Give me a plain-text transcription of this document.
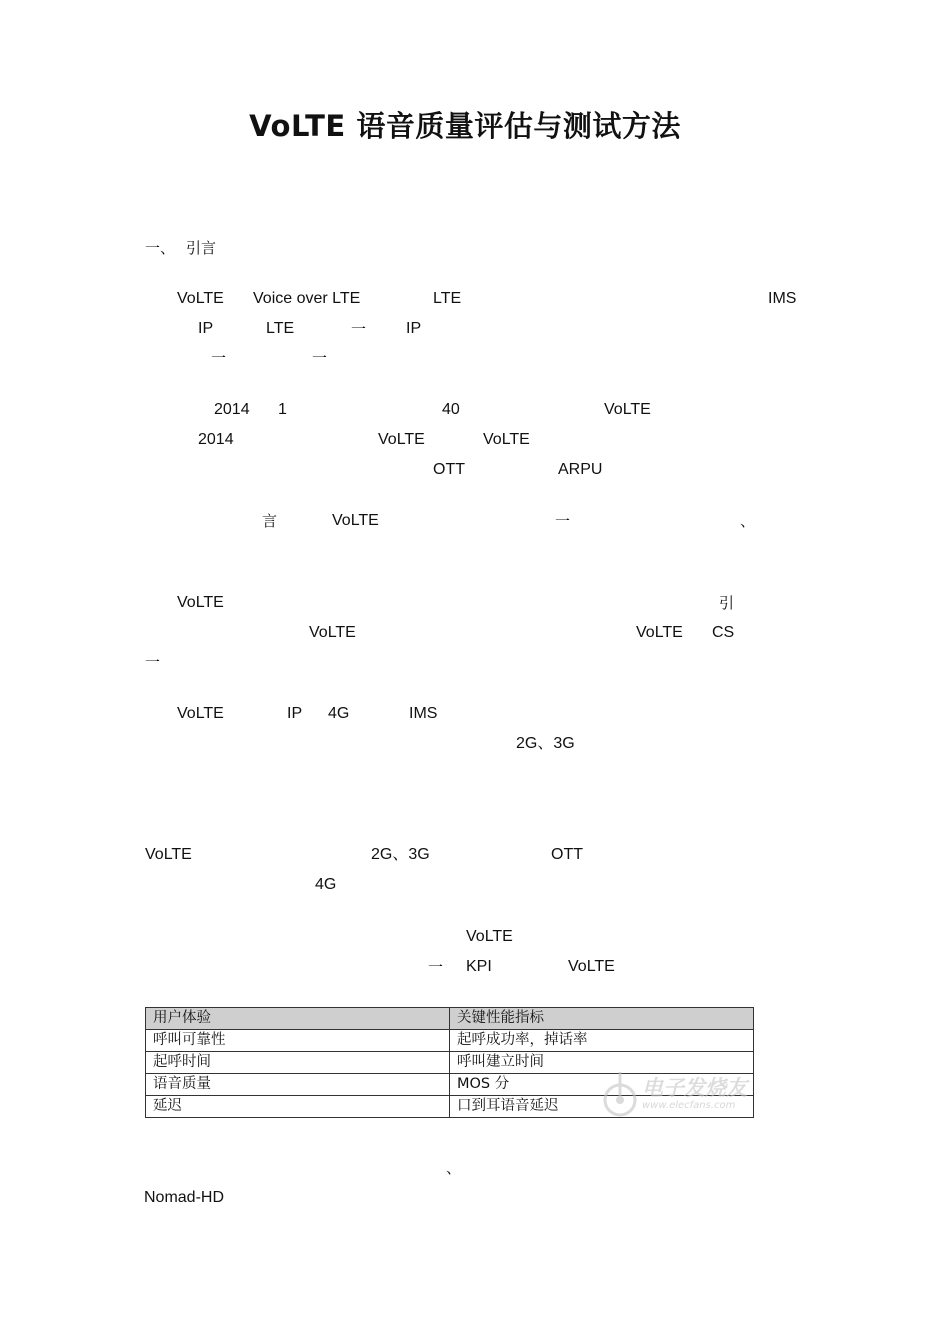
VoLTE 语音质量评估与测试方法
一、 引言
VoLTE Voice over LTE	LTE	IMS
IP	LTE	一 IP
一	一
2014 1	40	VoLTE
2014	VoLTE	VoLTE
OTT	ARPU
言	VoLTE	一	、
VoLTE	引
VoLTE	VoLTE CS
一
VoLTE	IP 4G	IMS
2G、3G
VoLTE	2G、3G	OTT
4G
VoLTE
一 KPI	VoLTE
用户体验	关键性能指标
呼叫可靠性	起呼成功率，掉话率
起呼时间	呼叫建立时间
语音质量	MOS 分
延迟	口到耳语音延迟
电子发烧友
www.elecfans.com
、
Nomad-HD
